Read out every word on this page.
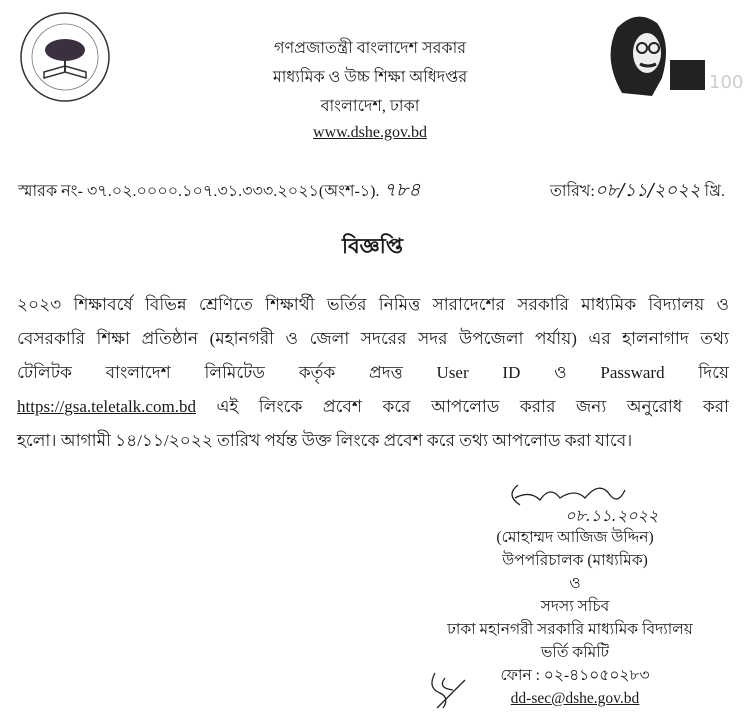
100
গণপ্রজাতন্ত্রী বাংলাদেশ সরকার
মাধ্যমিক ও উচ্চ শিক্ষা অধিদপ্তর
বাংলাদেশ, ঢাকা
www.dshe.gov.bd
স্মারক নং- ৩৭.০২.০০০০.১০৭.৩১.৩৩৩.২০২১(অংশ-১). ৭৮৪	তারিখ:০৮/১১/২০২২ খ্রি.
বিজ্ঞপ্তি
২০২৩ শিক্ষাবর্ষে বিভিন্ন শ্রেণিতে শিক্ষার্থী ভর্তির নিমিত্ত সারাদেশের সরকারি মাধ্যমিক বিদ্যালয় ও
বেসরকারি শিক্ষা প্রতিষ্ঠান (মহানগরী ও জেলা সদরের সদর উপজেলা পর্যায়) এর হালনাগাদ তথ্য
টেলিটক বাংলাদেশ লিমিটেড কর্তৃক প্রদত্ত User ID ও Passward দিয়ে
https://gsa.teletalk.com.bd এই লিংকে প্রবেশ করে আপলোড করার জন্য অনুরোধ করা
হলো। আগামী ১৪/১১/২০২২ তারিখ পর্যন্ত উক্ত লিংকে প্রবেশ করে তথ্য আপলোড করা যাবে।
০৮.১১.২০২২
(মোহাম্মদ আজিজ উদ্দিন)
উপপরিচালক (মাধ্যমিক)
ও
সদস্য সচিব
ঢাকা মহানগরী সরকারি মাধ্যমিক বিদ্যালয়
ভর্তি কমিটি
ফোন : ০২-৪১০৫০২৮৩
dd-sec@dshe.gov.bd
